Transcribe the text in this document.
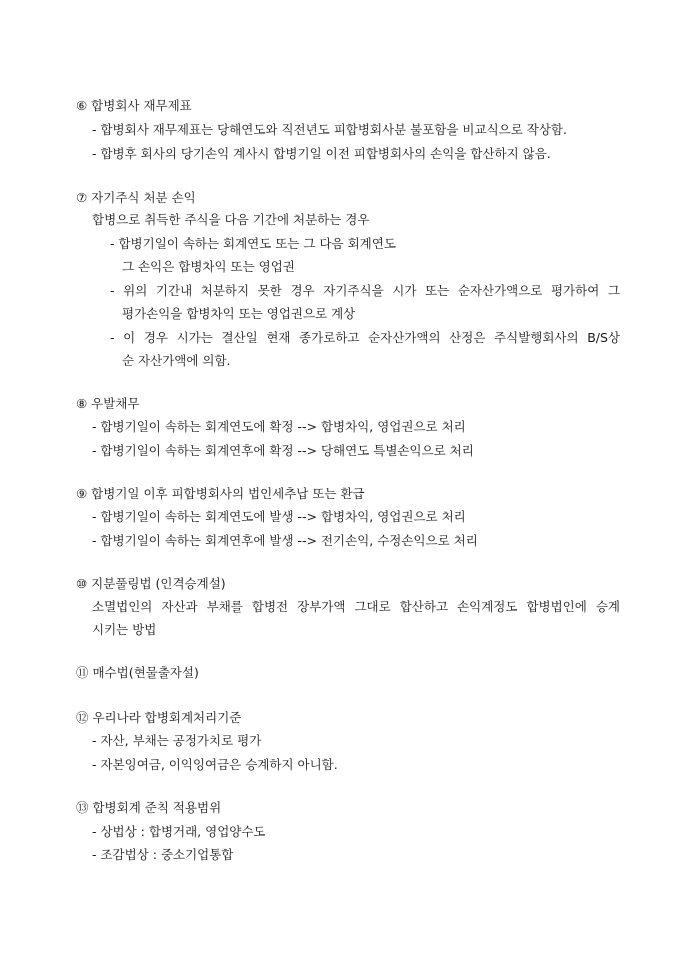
⑥ 합병회사 재무제표
- 합병회사 재무제표는 당해연도와 직전년도 피합병회사분 불포함을 비교식으로 작상함.
- 합병후 회사의 당기손익 계사시 합병기일 이전 피합병회사의 손익을 합산하지 않음.
⑦ 자기주식 처분 손익
합병으로 취득한 주식을 다음 기간에 처분하는 경우
- 합병기일이 속하는 회계연도 또는 그 다음 회계연도
그 손익은 합병차익 또는 영업권
- 위의 기간내 처분하지 못한 경우 자기주식을 시가 또는 순자산가액으로 평가하여 그
평가손익을 합병차익 또는 영업권으로 계상
- 이 경우 시가는 결산일 현재 종가로하고 순자산가액의 산정은 주식발행회사의 B/S상
순 자산가액에 의함.
⑧ 우발채무
- 합병기일이 속하는 회계연도에 확정 --> 합병차익, 영업권으로 처리
- 합병기일이 속하는 회계연후에 확정 --> 당해연도 특별손익으로 처리
⑨ 합병기일 이후 피합병회사의 법인세추납 또는 환급
- 합병기일이 속하는 회계연도에 발생 --> 합병차익, 영업권으로 처리
- 합병기일이 속하는 회계연후에 발생 --> 전기손익, 수정손익으로 처리
⑩ 지분풀링법 (인격승계설)
소멸법인의 자산과 부채를 합병전 장부가액 그대로 합산하고 손익계정도 합병법인에 승계
시키는 방법
⑪ 매수법(현물출자설)
⑫ 우리나라 합병회계처리기준
- 자산, 부채는 공정가치로 평가
- 자본잉여금, 이익잉여금은 승계하지 아니함.
⑬ 합병회계 준칙 적용범위
- 상법상 : 합병거래, 영업양수도
- 조감법상 : 중소기업통합
